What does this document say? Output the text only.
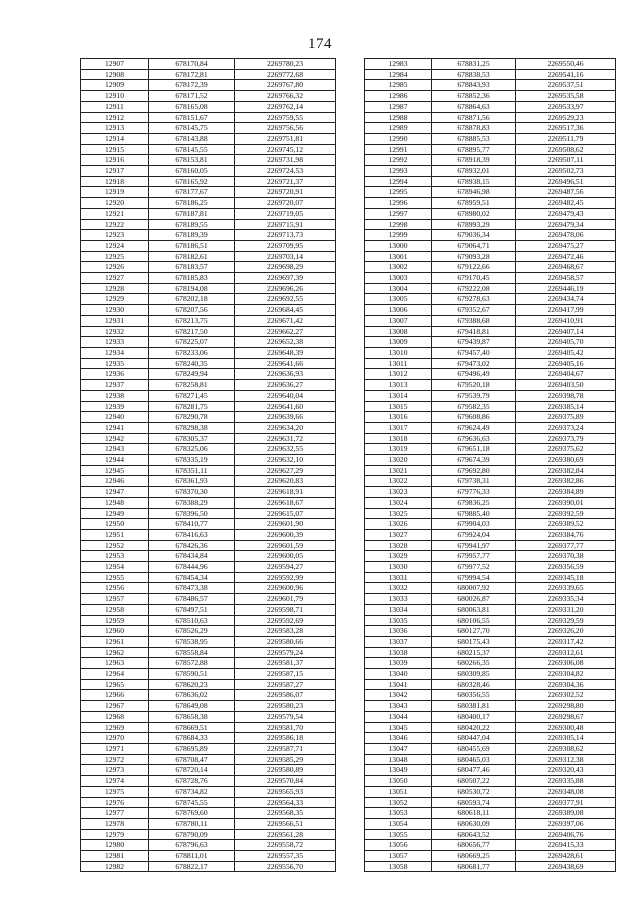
174
12907	678170,84	2269780,23
12908	678172,81	2269772,68
12909	678172,39	2269767,80
12910	678171,52	2269766,32
12911	678165,08	2269762,14
12912	678151,67	2269759,55
12913	678145,75	2269756,56
12914	678143,88	2269751,81
12915	678145,55	2269745,12
12916	678153,81	2269731,98
12917	678160,05	2269724,53
12918	678165,92	2269721,37
12919	678177,67	2269720,91
12920	678186,25	2269720,07
12921	678187,81	2269719,05
12922	678189,55	2269715,91
12923	678189,39	2269713,73
12924	678186,51	2269709,95
12925	678182,61	2269703,14
12926	678183,57	2269698,29
12927	678185,83	2269697,39
12928	678194,08	2269696,26
12929	678202,18	2269692,55
12930	678207,56	2269684,45
12931	678213,75	2269671,42
12932	678217,50	2269662,27
12933	678225,07	2269652,38
12934	678233,06	2269648,39
12935	678240,35	2269641,66
12936	678249,94	2269636,93
12937	678258,81	2269636,27
12938	678271,45	2269640,04
12939	678281,75	2269641,60
12940	678290,78	2269639,66
12941	678298,38	2269634,20
12942	678305,37	2269631,72
12943	678325,06	2269632,55
12944	678335,19	2269632,10
12945	678351,11	2269627,29
12946	678361,93	2269620,83
12947	678370,30	2269618,91
12948	678388,29	2269618,67
12949	678396,50	2269615,07
12950	678410,77	2269601,90
12951	678416,63	2269600,39
12952	678426,36	2269601,59
12953	678434,84	2269600,05
12954	678444,96	2269594,27
12955	678454,34	2269592,99
12956	678473,38	2269600,96
12957	678486,57	2269601,79
12958	678497,51	2269598,71
12959	678510,63	2269592,69
12960	678526,29	2269583,28
12961	678538,95	2269580,66
12962	678558,84	2269579,24
12963	678572,88	2269581,37
12964	678590,51	2269587,15
12965	678620,23	2269587,27
12966	678636,02	2269586,07
12967	678649,08	2269580,23
12968	678658,38	2269579,54
12969	678669,51	2269581,70
12970	678684,33	2269586,18
12971	678695,89	2269587,71
12972	678708,47	2269585,29
12973	678720,14	2269580,89
12974	678728,76	2269570,84
12975	678734,82	2269565,93
12976	678745,55	2269564,33
12977	678769,60	2269568,35
12978	678780,11	2269566,51
12979	678790,09	2269561,28
12980	678796,63	2269558,72
12981	678811,01	2269557,35
12982	678822,17	2269556,70
12983	678831,25	2269550,46
12984	678838,53	2269541,16
12985	678843,93	2269537,51
12986	678852,36	2269535,58
12987	678864,63	2269533,97
12988	678871,56	2269529,23
12989	678878,83	2269517,36
12990	678885,53	2269511,79
12991	678895,77	2269508,62
12992	678918,39	2269507,11
12993	678932,01	2269502,73
12994	678938,15	2269496,51
12995	678946,98	2269487,56
12996	678959,51	2269482,45
12997	678980,02	2269479,43
12998	678993,29	2269479,34
12999	679036,34	2269478,06
13000	679064,71	2269475,27
13001	679093,28	2269472,46
13002	679122,66	2269468,67
13003	679170,45	2269458,57
13004	679222,08	2269446,19
13005	679278,63	2269434,74
13006	679352,67	2269417,99
13007	679388,68	2269410,91
13008	679418,81	2269407,14
13009	679439,87	2269405,70
13010	679457,40	2269405,42
13011	679473,02	2269405,16
13012	679496,49	2269404,67
13013	679520,18	2269403,50
13014	679539,79	2269398,78
13015	679582,35	2269385,14
13016	679608,86	2269375,89
13017	679624,49	2269373,24
13018	679636,63	2269373,79
13019	679651,18	2269375,62
13020	679674,39	2269380,69
13021	679692,80	2269382,84
13022	679738,31	2269382,86
13023	679776,33	2269384,89
13024	679836,25	2269390,01
13025	679885,40	2269392,59
13026	679904,03	2269389,52
13027	679924,04	2269384,76
13028	679941,97	2269377,77
13029	679957,77	2269370,38
13030	679977,52	2269356,59
13031	679994,54	2269345,18
13032	680007,92	2269339,65
13033	680026,87	2269335,34
13034	680063,81	2269331,20
13035	680106,55	2269329,59
13036	680127,70	2269326,20
13037	680175,43	2269317,42
13038	680215,37	2269312,61
13039	680266,35	2269306,08
13040	680309,85	2269304,82
13041	680328,46	2269304,36
13042	680356,55	2269302,52
13043	680381,81	2269298,80
13044	680400,17	2269298,67
13045	680420,22	2269300,48
13046	680447,04	2269305,14
13047	680455,69	2269308,62
13048	680465,03	2269312,38
13049	680477,46	2269320,43
13050	680507,22	2269335,88
13051	680530,72	2269348,08
13052	680593,74	2269377,91
13053	680618,11	2269389,08
13054	680630,09	2269397,06
13055	680643,52	2269406,76
13056	680656,77	2269415,33
13057	680669,25	2269428,61
13058	680681,77	2269438,69
